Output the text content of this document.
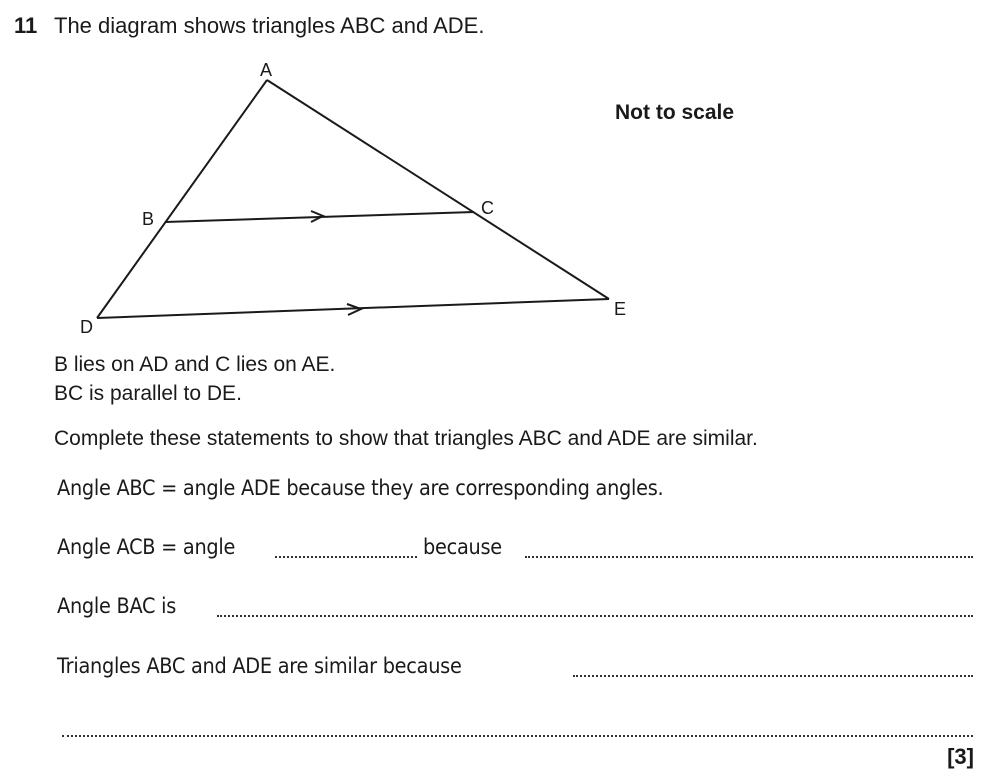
11 The diagram shows triangles ABC and ADE.
A
B
C
D
E
Not to scale
B lies on AD and C lies on AE.
BC is parallel to DE.
Complete these statements to show that triangles ABC and ADE are similar.
Angle ABC = angle ADE because they are corresponding angles.
Angle ACB = angle	because
Angle BAC is
Triangles ABC and ADE are similar because
[3]
